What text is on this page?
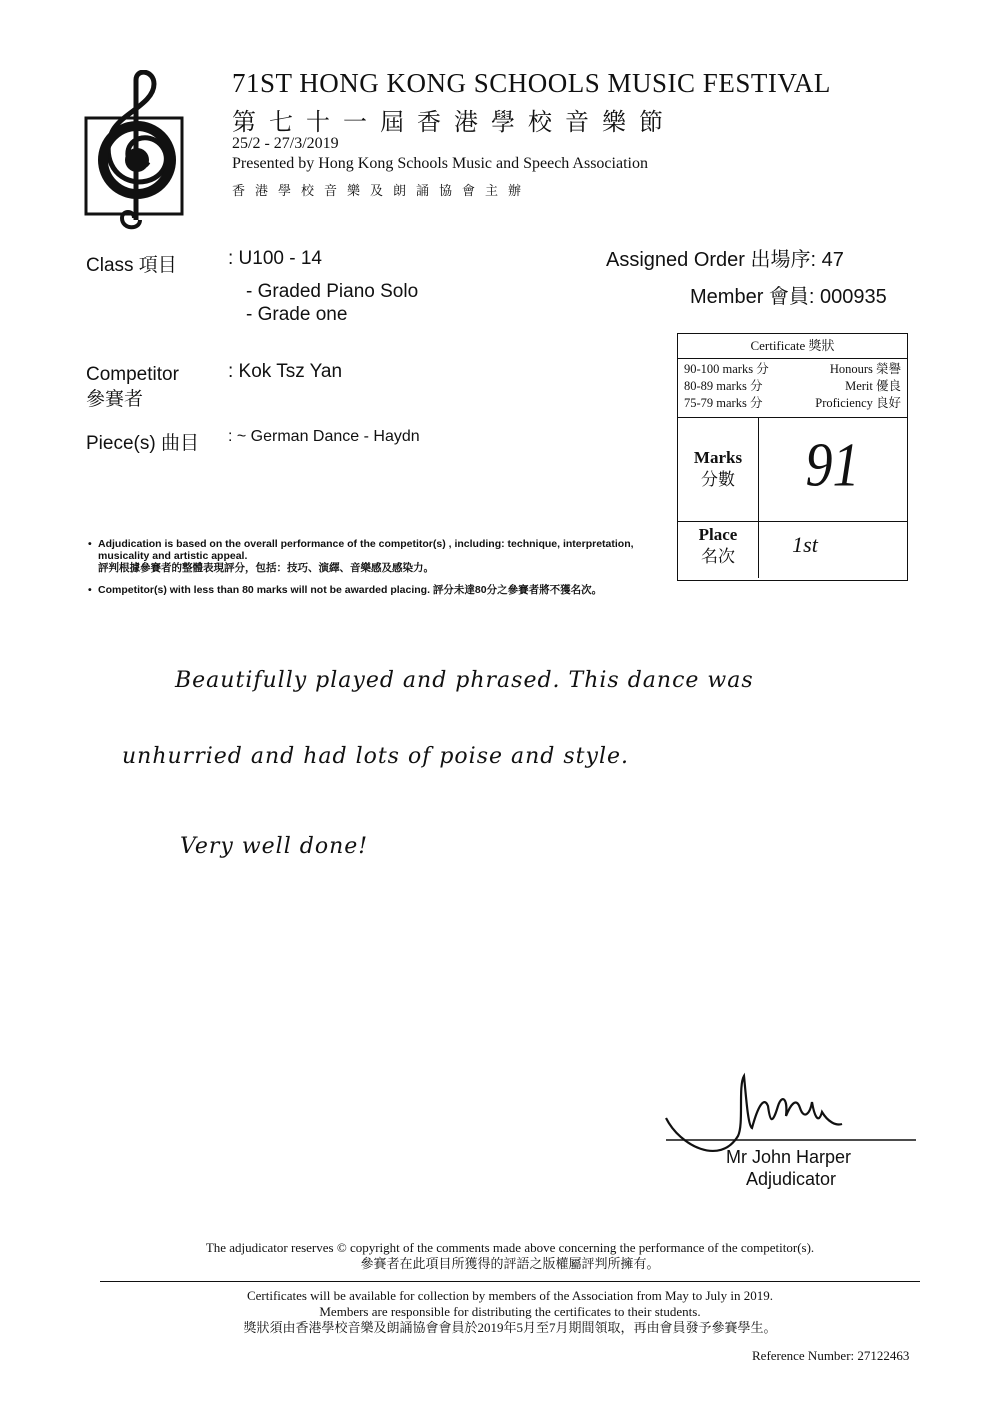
71ST HONG KONG SCHOOLS MUSIC FESTIVAL
第七十一屆香港學校音樂節
25/2 - 27/3/2019
Presented by Hong Kong Schools Music and Speech Association
香港學校音樂及朗誦協會主辦
Class 項目	: U100 - 14
- Graded Piano Solo
- Grade one
Assigned Order 出場序: 47
Member 會員: 000935
Competitor
參賽者
: Kok Tsz Yan
Piece(s) 曲目 : ~ German Dance - Haydn
Certificate 獎狀
90-100 marks 分	Honours 榮譽
80-89 marks 分	Merit 優良
75-79 marks 分	Proficiency 良好
Marks
分數	91
Place
名次	1st
• Adjudication is based on the overall performance of the competitor(s) , including: technique, interpretation, musicality and artistic appeal.
評判根據參賽者的整體表現評分，包括：技巧、演繹、音樂感及感染力。
• Competitor(s) with less than 80 marks will not be awarded placing. 評分未達80分之參賽者將不獲名次。
Beautifully played and phrased. This dance was
unhurried and had lots of poise and style.
Very well done!
Mr John Harper
Adjudicator
The adjudicator reserves © copyright of the comments made above concerning the performance of the competitor(s).
參賽者在此項目所獲得的評語之版權屬評判所擁有。
Certificates will be available for collection by members of the Association from May to July in 2019.
Members are responsible for distributing the certificates to their students.
獎狀須由香港學校音樂及朗誦協會會員於2019年5月至7月期間領取，再由會員發予參賽學生。
Reference Number: 27122463
